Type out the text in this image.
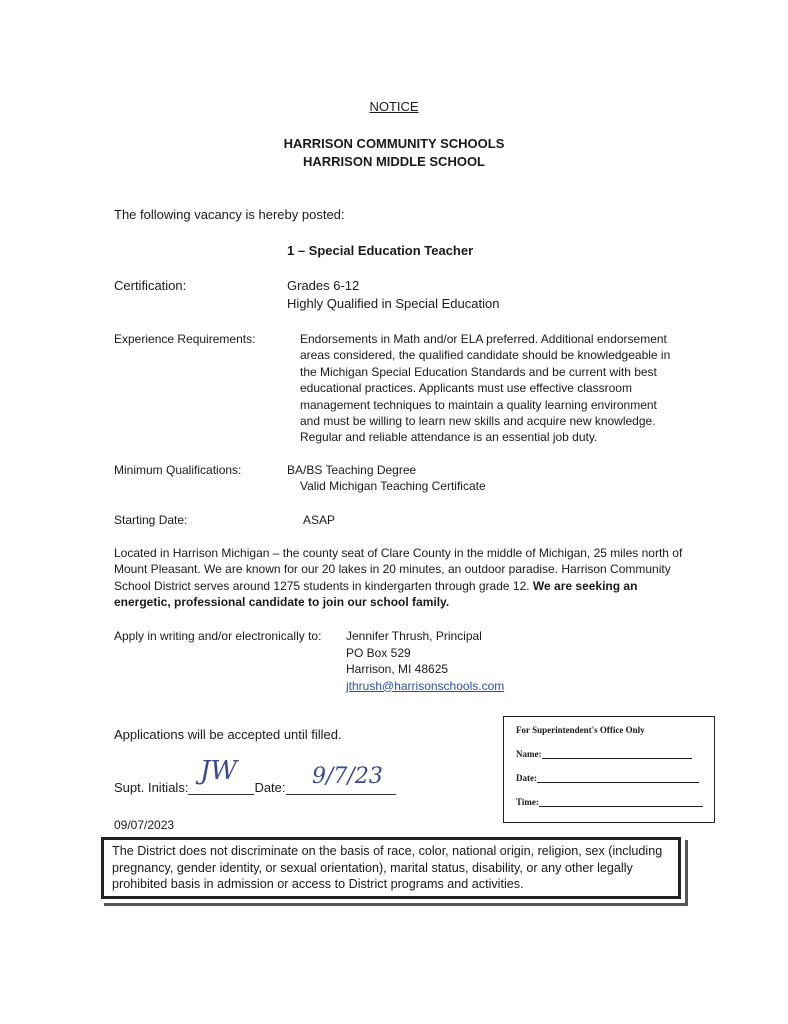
NOTICE
HARRISON COMMUNITY SCHOOLS
HARRISON MIDDLE SCHOOL
The following vacancy is hereby posted:
1 – Special Education Teacher
Certification:	Grades 6-12
Highly Qualified in Special Education
Experience Requirements:	Endorsements in Math and/or ELA preferred. Additional endorsement areas considered, the qualified candidate should be knowledgeable in the Michigan Special Education Standards and be current with best educational practices. Applicants must use effective classroom management techniques to maintain a quality learning environment and must be willing to learn new skills and acquire new knowledge. Regular and reliable attendance is an essential job duty.
Minimum Qualifications:	BA/BS Teaching Degree
Valid Michigan Teaching Certificate
Starting Date:	ASAP
Located in Harrison Michigan – the county seat of Clare County in the middle of Michigan, 25 miles north of Mount Pleasant. We are known for our 20 lakes in 20 minutes, an outdoor paradise. Harrison Community School District serves around 1275 students in kindergarten through grade 12. We are seeking an energetic, professional candidate to join our school family.
Apply in writing and/or electronically to: Jennifer Thrush, Principal
PO Box 529
Harrison, MI 48625
jthrush@harrisonschools.com
Applications will be accepted until filled.
Supt. Initials:	Date:
JW	9/7/23
09/07/2023
For Superintendent's Office Only
Name:
Date:
Time:
The District does not discriminate on the basis of race, color, national origin, religion, sex (including pregnancy, gender identity, or sexual orientation), marital status, disability, or any other legally prohibited basis in admission or access to District programs and activities.
